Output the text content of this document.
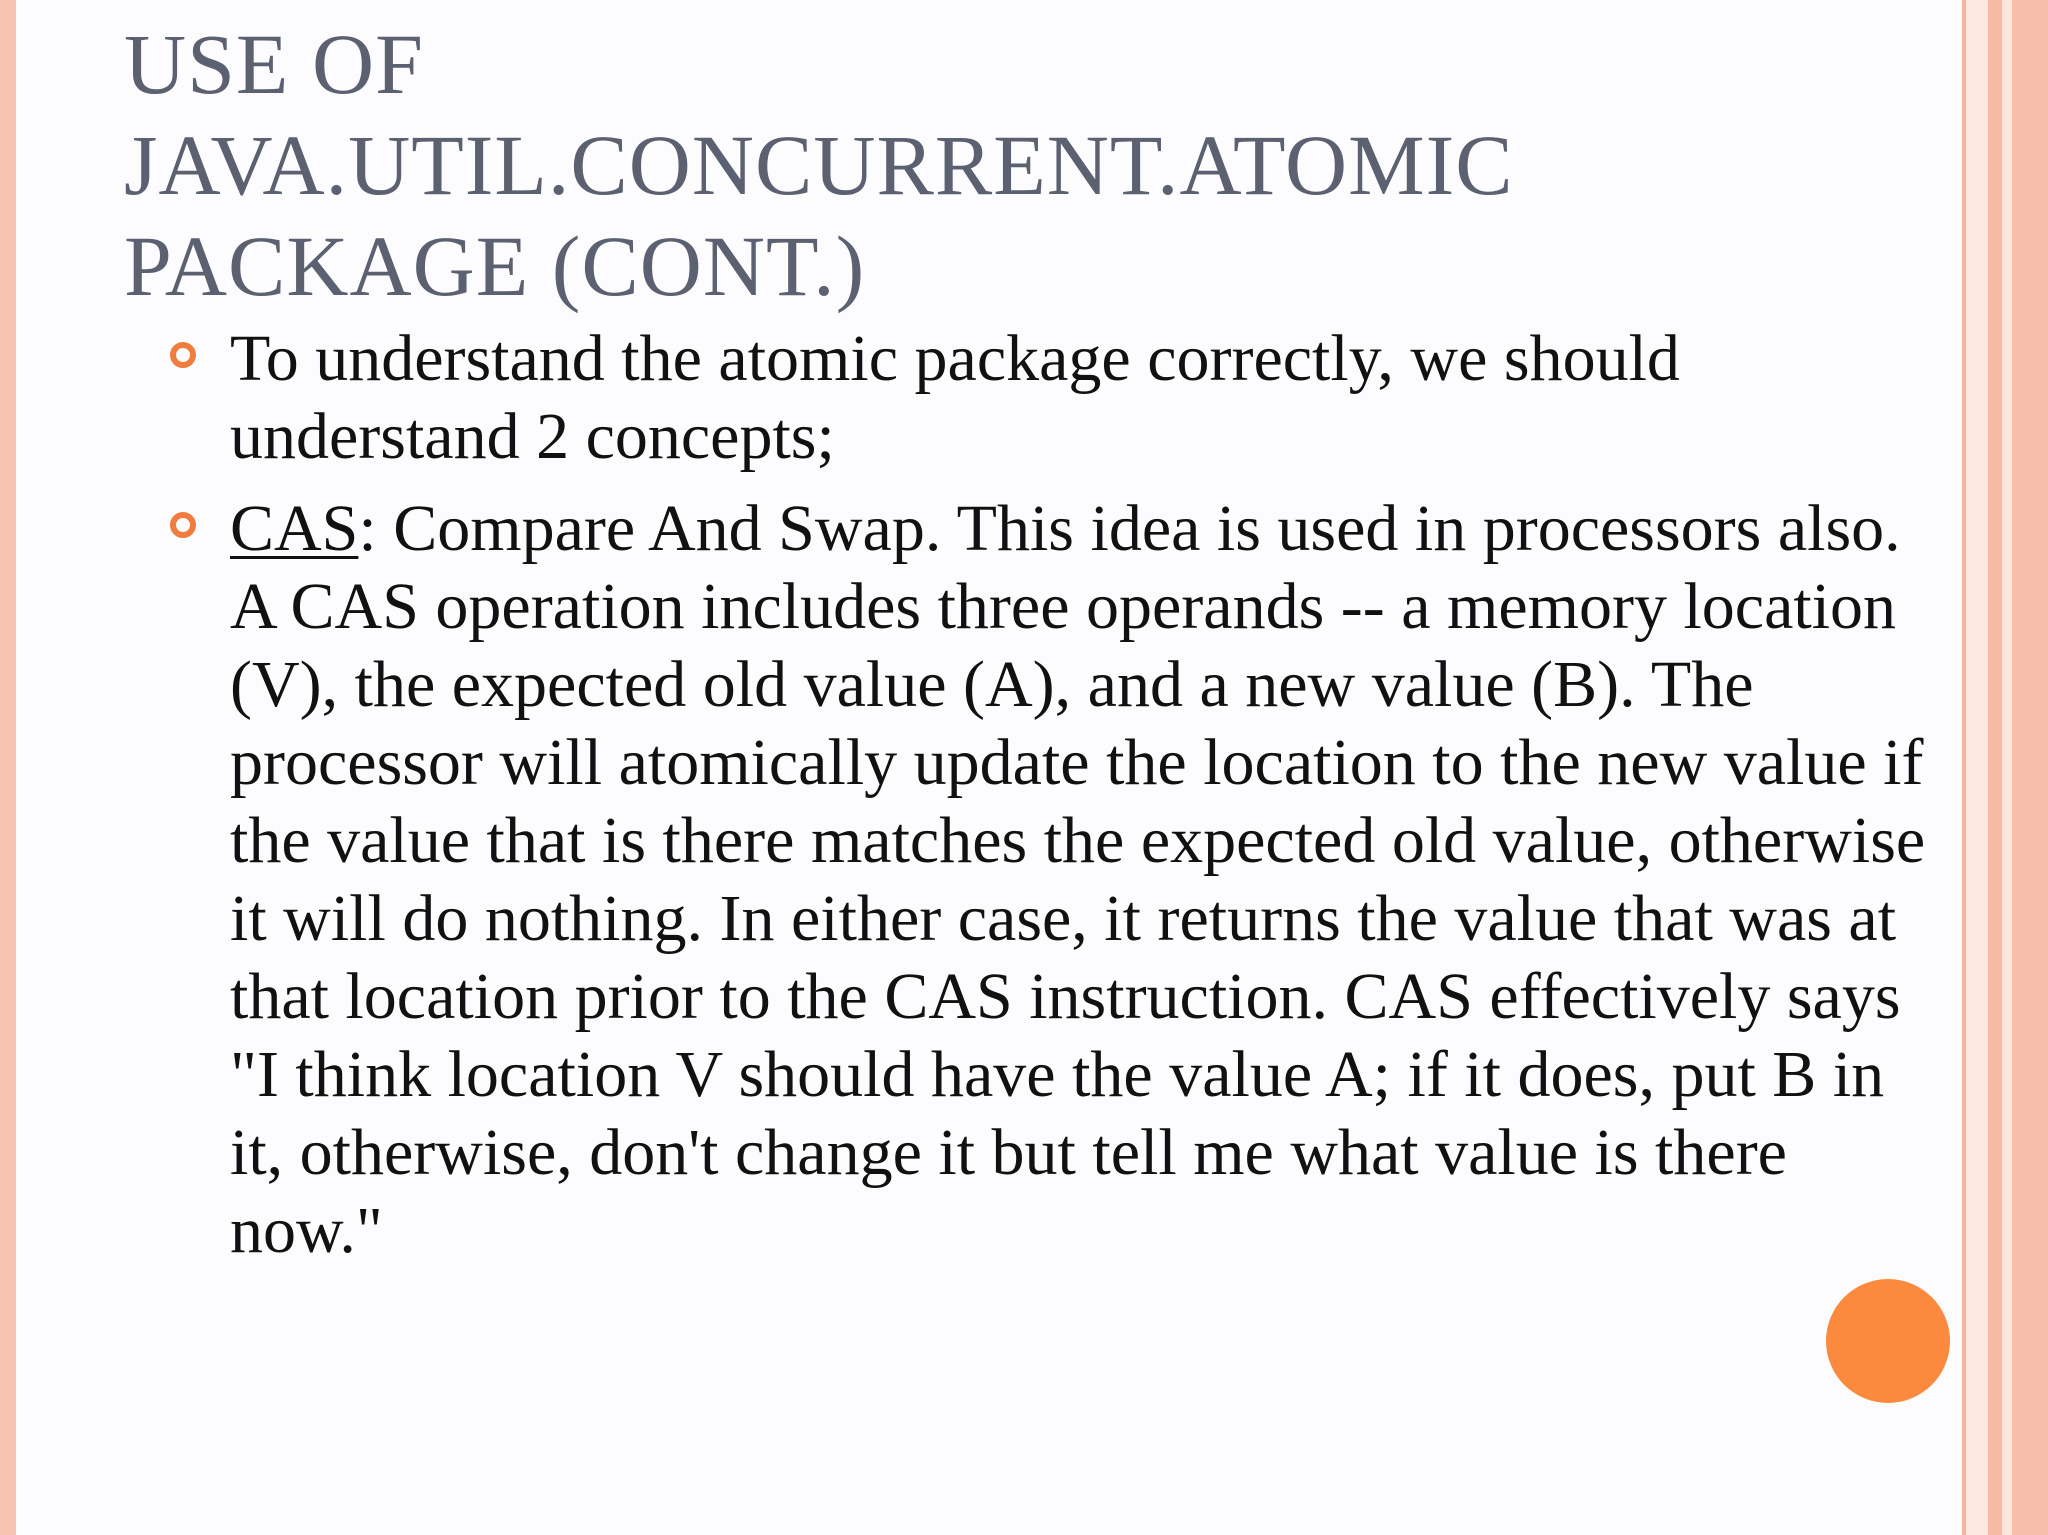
USE OF
JAVA.UTIL.CONCURRENT.ATOMIC
PACKAGE (CONT.)
To understand the atomic package correctly, we should understand 2 concepts;
CAS: Compare And Swap. This idea is used in processors also. A CAS operation includes three operands -- a memory location (V), the expected old value (A), and a new value (B). The processor will atomically update the location to the new value if the value that is there matches the expected old value, otherwise it will do nothing. In either case, it returns the value that was at that location prior to the CAS instruction. CAS effectively says "I think location V should have the value A; if it does, put B in it, otherwise, don't change it but tell me what value is there now."
